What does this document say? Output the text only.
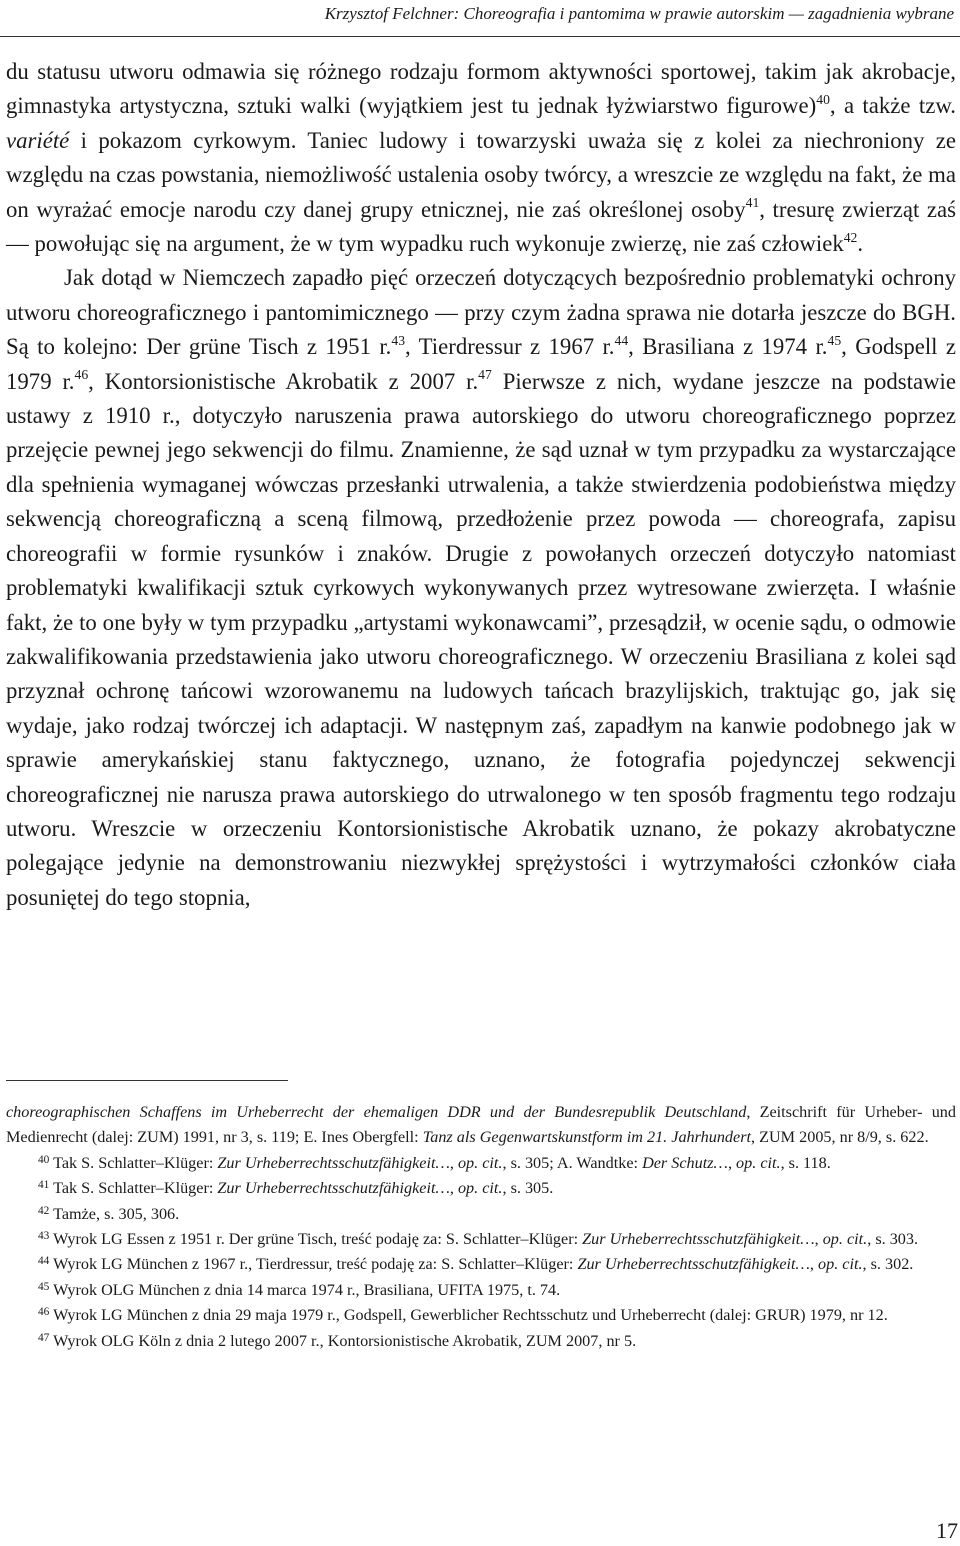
Krzysztof Felchner: Choreografia i pantomima w prawie autorskim — zagadnienia wybrane

du statusu utworu odmawia się różnego rodzaju formom aktywności sportowej, takim jak akrobacje, gimnastyka artystyczna, sztuki walki (wyjątkiem jest tu jednak łyżwiarstwo figurowe)$^{40}$, a także tzw. variété i pokazom cyrkowym. Taniec ludowy i towarzyski uważa się z kolei za niechroniony ze względu na czas powstania, niemożliwość ustalenia osoby twórcy, a wreszcie ze względu na fakt, że ma on wyrażać emocje narodu czy danej grupy etnicznej, nie zaś określonej osoby$^{41}$, tresurę zwierząt zaś — powołując się na argument, że w tym wypadku ruch wykonuje zwierzę, nie zaś człowiek$^{42}$.

Jak dotąd w Niemczech zapadło pięć orzeczeń dotyczących bezpośrednio problematyki ochrony utworu choreograficznego i pantomimicznego — przy czym żadna sprawa nie dotarła jeszcze do BGH. Są to kolejno: Der grüne Tisch z 1951 r.$^{43}$, Tierdressur z 1967 r.$^{44}$, Brasiliana z 1974 r.$^{45}$, Godspell z 1979 r.$^{46}$, Kontorsionistische Akrobatik z 2007 r.$^{47}$ Pierwsze z nich, wydane jeszcze na podstawie ustawy z 1910 r., dotyczyło naruszenia prawa autorskiego do utworu choreograficznego poprzez przejęcie pewnej jego sekwencji do filmu. Znamienne, że sąd uznał w tym przypadku za wystarczające dla spełnienia wymaganej wówczas przesłanki utrwalenia, a także stwierdzenia podobieństwa między sekwencją choreograficzną a sceną filmową, przedłożenie przez powoda — choreografa, zapisu choreografii w formie rysunków i znaków. Drugie z powołanych orzeczeń dotyczyło natomiast problematyki kwalifikacji sztuk cyrkowych wykonywanych przez wytresowane zwierzęta. I właśnie fakt, że to one były w tym przypadku „artystami wykonawcami”, przesądził, w ocenie sądu, o odmowie zakwalifikowania przedstawienia jako utworu choreograficznego. W orzeczeniu Brasiliana z kolei sąd przyznał ochronę tańcowi wzorowanemu na ludowych tańcach brazylijskich, traktując go, jak się wydaje, jako rodzaj twórczej ich adaptacji. W następnym zaś, zapadłym na kanwie podobnego jak w sprawie amerykańskiej stanu faktycznego, uznano, że fotografia pojedynczej sekwencji choreograficznej nie narusza prawa autorskiego do utrwalonego w ten sposób fragmentu tego rodzaju utworu. Wreszcie w orzeczeniu Kontorsionistische Akrobatik uznano, że pokazy akrobatyczne polegające jedynie na demonstrowaniu niezwykłej sprężystości i wytrzymałości członków ciała posuniętej do tego stopnia,

choreographischen Schaffens im Urheberrecht der ehemaligen DDR und der Bundesrepublik Deutschland, Zeitschrift für Urheber- und Medienrecht (dalej: ZUM) 1991, nr 3, s. 119; E. Ines Obergfell: Tanz als Gegenwartskunstform im 21. Jahrhundert, ZUM 2005, nr 8/9, s. 622.

$^{40}$ Tak S. Schlatter–Klüger: Zur Urheberrechtsschutzfähigkeit…, op. cit., s. 305; A. Wandtke: Der Schutz…, op. cit., s. 118.

$^{41}$ Tak S. Schlatter–Klüger: Zur Urheberrechtsschutzfähigkeit…, op. cit., s. 305.

$^{42}$ Tamże, s. 305, 306.

$^{43}$ Wyrok LG Essen z 1951 r. Der grüne Tisch, treść podaję za: S. Schlatter–Klüger: Zur Urheberrechtsschutzfähigkeit…, op. cit., s. 303.

$^{44}$ Wyrok LG München z 1967 r., Tierdressur, treść podaję za: S. Schlatter–Klüger: Zur Urheberrechtsschutzfähigkeit…, op. cit., s. 302.

$^{45}$ Wyrok OLG München z dnia 14 marca 1974 r., Brasiliana, UFITA 1975, t. 74.

$^{46}$ Wyrok LG München z dnia 29 maja 1979 r., Godspell, Gewerblicher Rechtsschutz und Urheberrecht (dalej: GRUR) 1979, nr 12.

$^{47}$ Wyrok OLG Köln z dnia 2 lutego 2007 r., Kontorsionistische Akrobatik, ZUM 2007, nr 5.

17
